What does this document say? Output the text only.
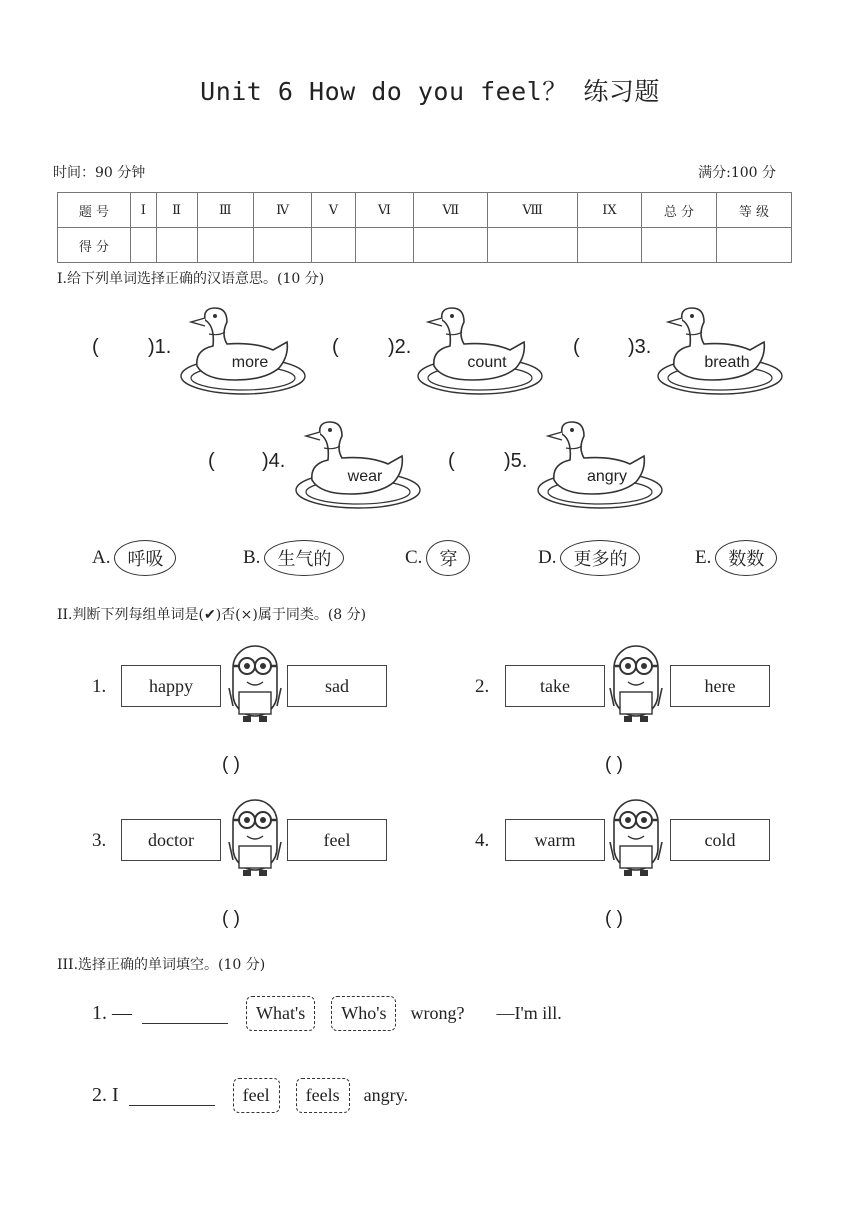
Unit 6 How do you feel？ 练习题
时间：90 分钟	满分:100 分
题 号	Ⅰ	Ⅱ	Ⅲ	Ⅳ	Ⅴ	Ⅵ	Ⅶ	Ⅷ	ⅠX	总 分	等 级
得 分											
Ⅰ.给下列单词选择正确的汉语意思。(10 分)
( )1.
more
( )2.
count
( )3.
breath
( )4.
wear
( )5.
angry
A. 呼吸	B. 生气的	C. 穿	D. 更多的	E. 数数
II.判断下列每组单词是(✔)否(×)属于同类。(8 分)
1.	happy	sad
( )
2.	take	here
( )
3.	doctor	feel
( )
4.	warm	cold
( )
III.选择正确的单词填空。(10 分)
1. —	What's	Who's	wrong? —I'm ill.
2. I	feel	feels	angry.
